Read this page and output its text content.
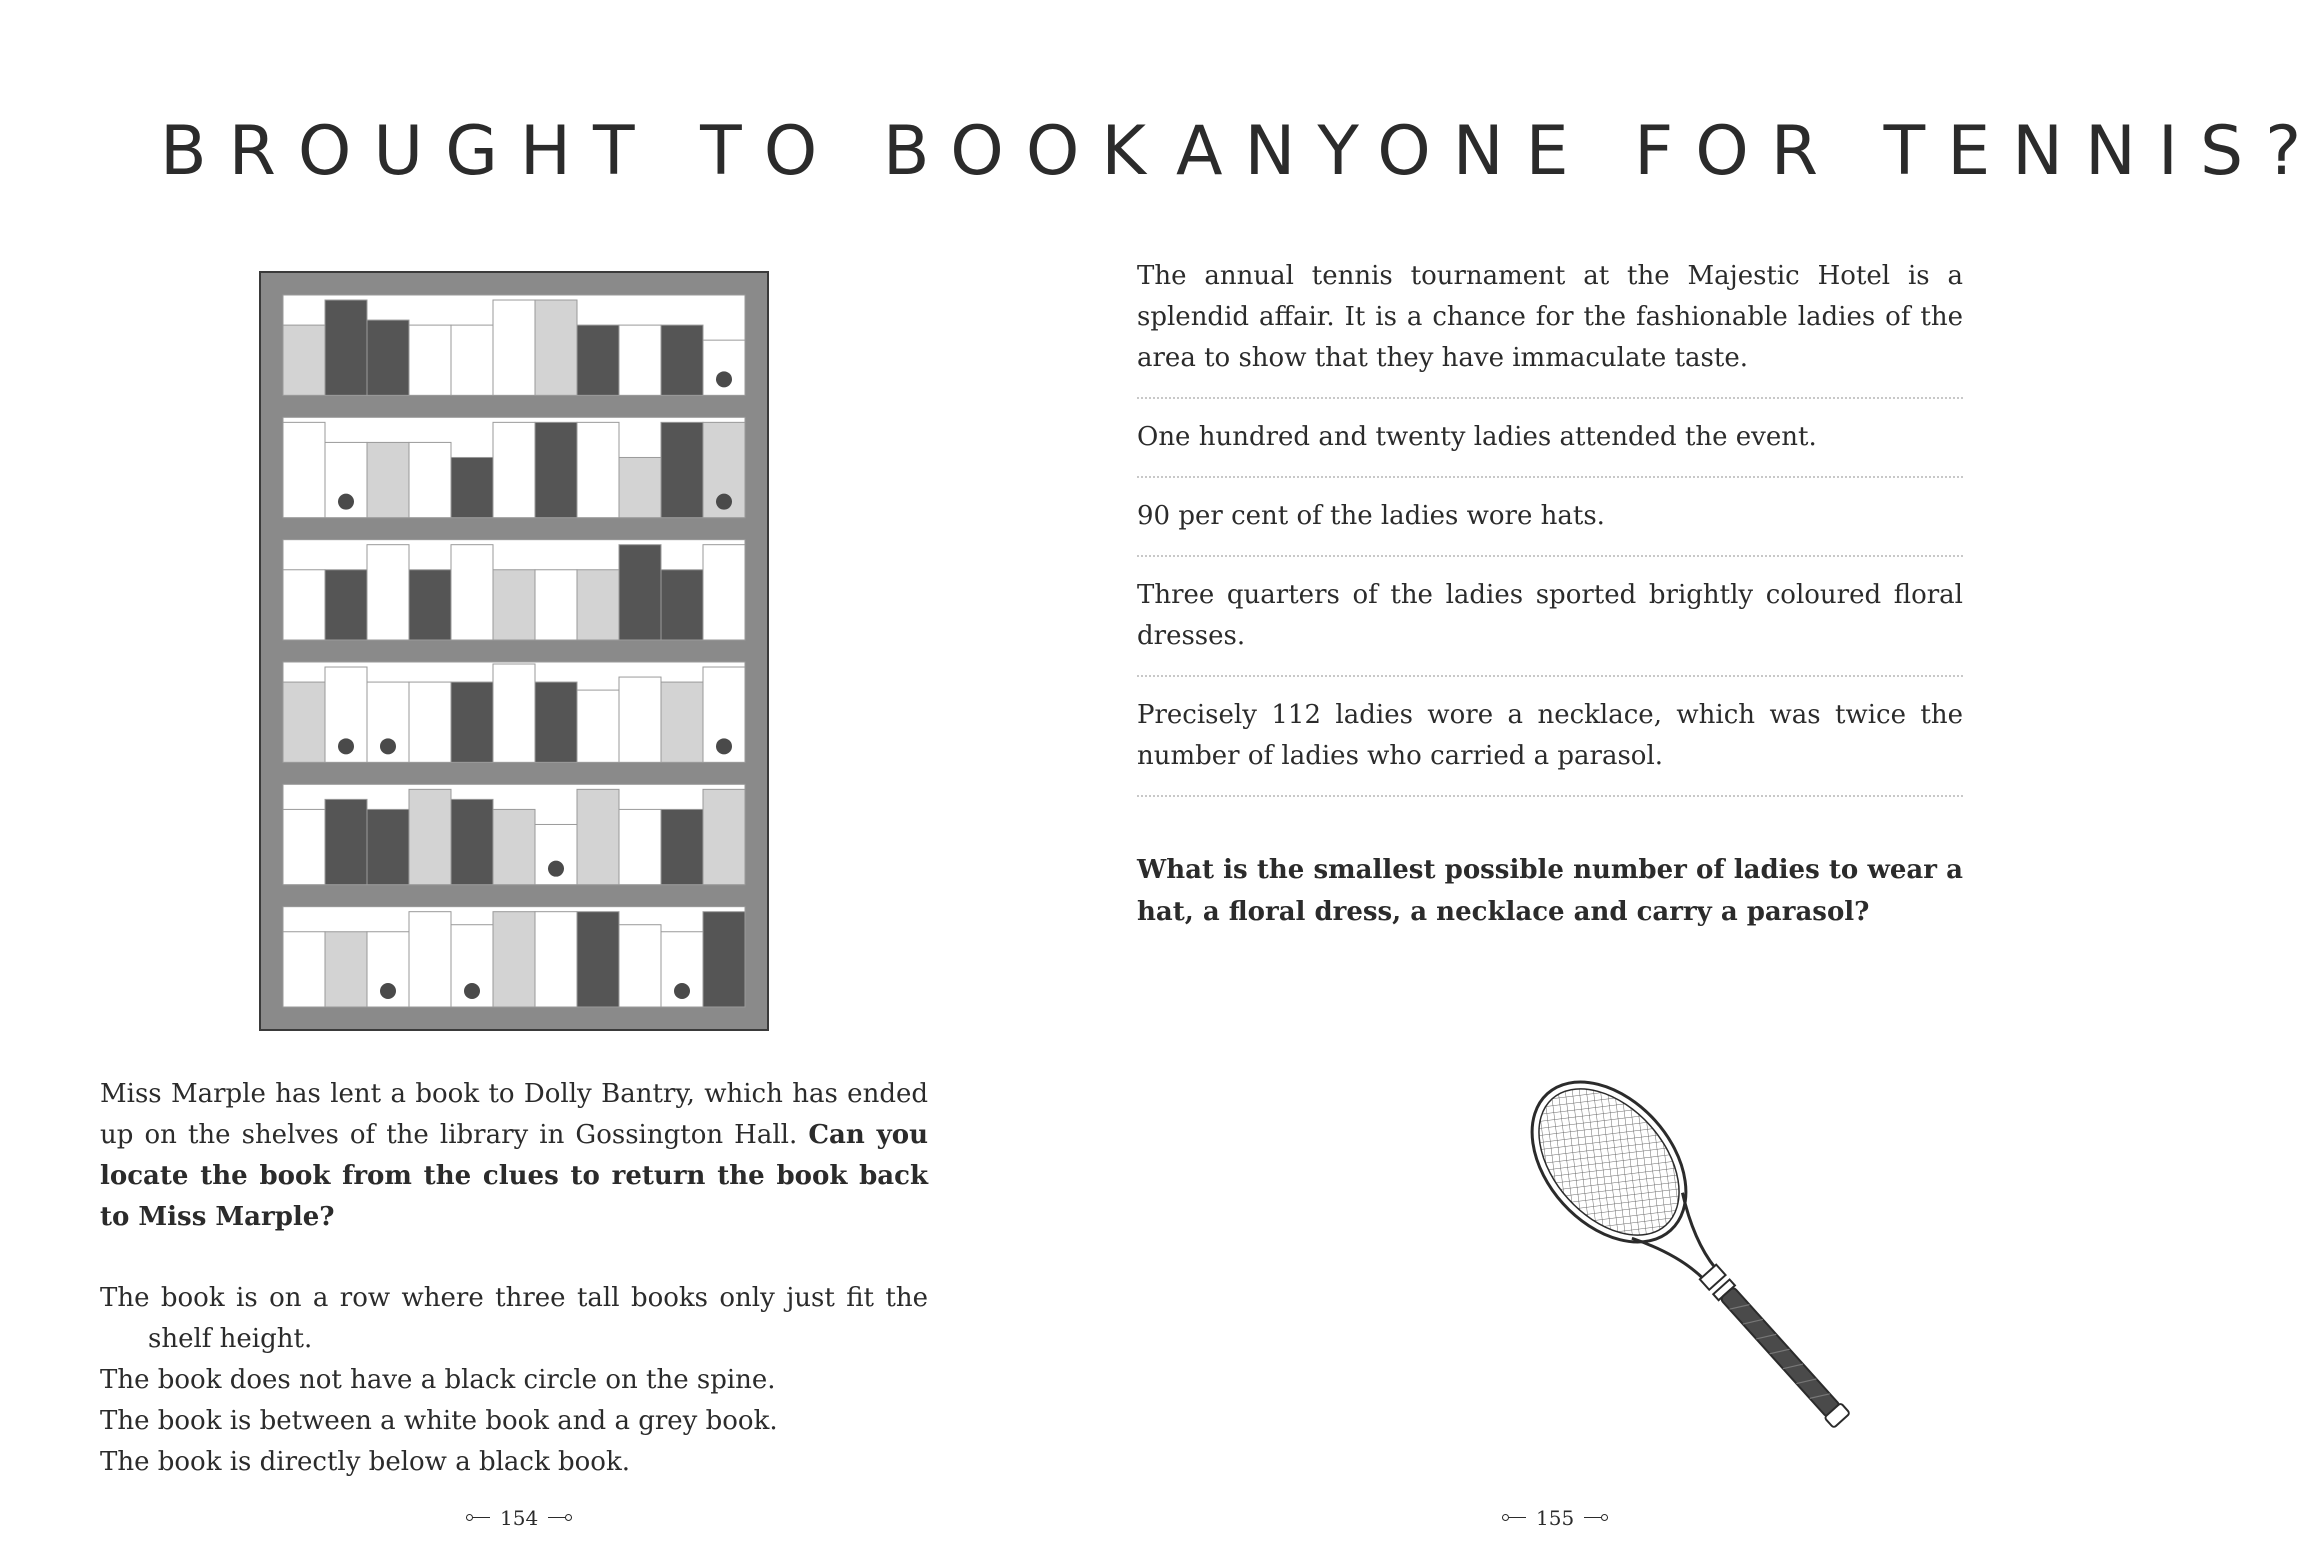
BROUGHT TO BOOK

Miss Marple has lent a book to Dolly Bantry, which has ended up on the shelves of the library in Gossington Hall. Can you locate the book from the clues to return the book back to Miss Marple?

The book is on a row where three tall books only just fit the shelf height.

The book does not have a black circle on the spine.

The book is between a white book and a grey book.

The book is directly below a black book.

154
ANYONE FOR TENNIS?

The annual tennis tournament at the Majestic Hotel is a splendid affair. It is a chance for the fashionable ladies of the area to show that they have immaculate taste.

One hundred and twenty ladies attended the event.

90 per cent of the ladies wore hats.

Three quarters of the ladies sported brightly coloured floral dresses.

Precisely 112 ladies wore a necklace, which was twice the number of ladies who carried a parasol.

What is the smallest possible number of ladies to wear a hat, a floral dress, a necklace and carry a parasol?

155
